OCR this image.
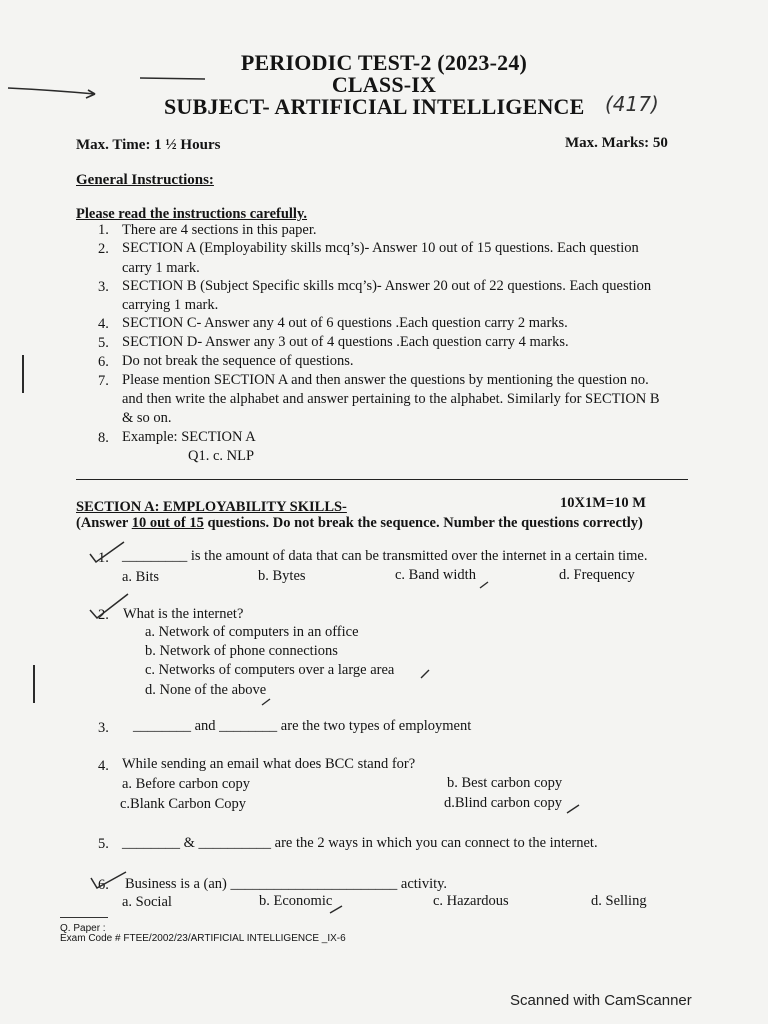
PERIODIC TEST-2 (2023-24)
CLASS-IX
SUBJECT- ARTIFICIAL INTELLIGENCE (417)
Max. Time: 1 ½ Hours	Max. Marks: 50
General Instructions:
Please read the instructions carefully.
1. There are 4 sections in this paper.
2. SECTION A (Employability skills mcq’s)- Answer 10 out of 15 questions. Each question
carry 1 mark.
3. SECTION B (Subject Specific skills mcq’s)- Answer 20 out of 22 questions. Each question
carrying 1 mark.
4. SECTION C- Answer any 4 out of 6 questions .Each question carry 2 marks.
5. SECTION D- Answer any 3 out of 4 questions .Each question carry 4 marks.
6. Do not break the sequence of questions.
7. Please mention SECTION A and then answer the questions by mentioning the question no.
and then write the alphabet and answer pertaining to the alphabet. Similarly for SECTION B
& so on.
8. Example: SECTION A
Q1. c. NLP
SECTION A: EMPLOYABILITY SKILLS-	10X1M=10 M
(Answer 10 out of 15 questions. Do not break the sequence. Number the questions correctly)
1. _________ is the amount of data that can be transmitted over the internet in a certain time.
a. Bits	b. Bytes	c. Band width	d. Frequency
2. What is the internet?
a. Network of computers in an office
b. Network of phone connections
c. Networks of computers over a large area
d. None of the above
3. ________ and ________ are the two types of employment
4. While sending an email what does BCC stand for?
a. Before carbon copy	b. Best carbon copy
c.Blank Carbon Copy	d.Blind carbon copy
5. ________ & __________ are the 2 ways in which you can connect to the internet.
6. Business is a (an) _______________________ activity.
a. Social	b. Economic	c. Hazardous	d. Selling
Q. Paper :
Exam Code # FTEE/2002/23/ARTIFICIAL INTELLIGENCE _IX-6
Scanned with CamScanner
